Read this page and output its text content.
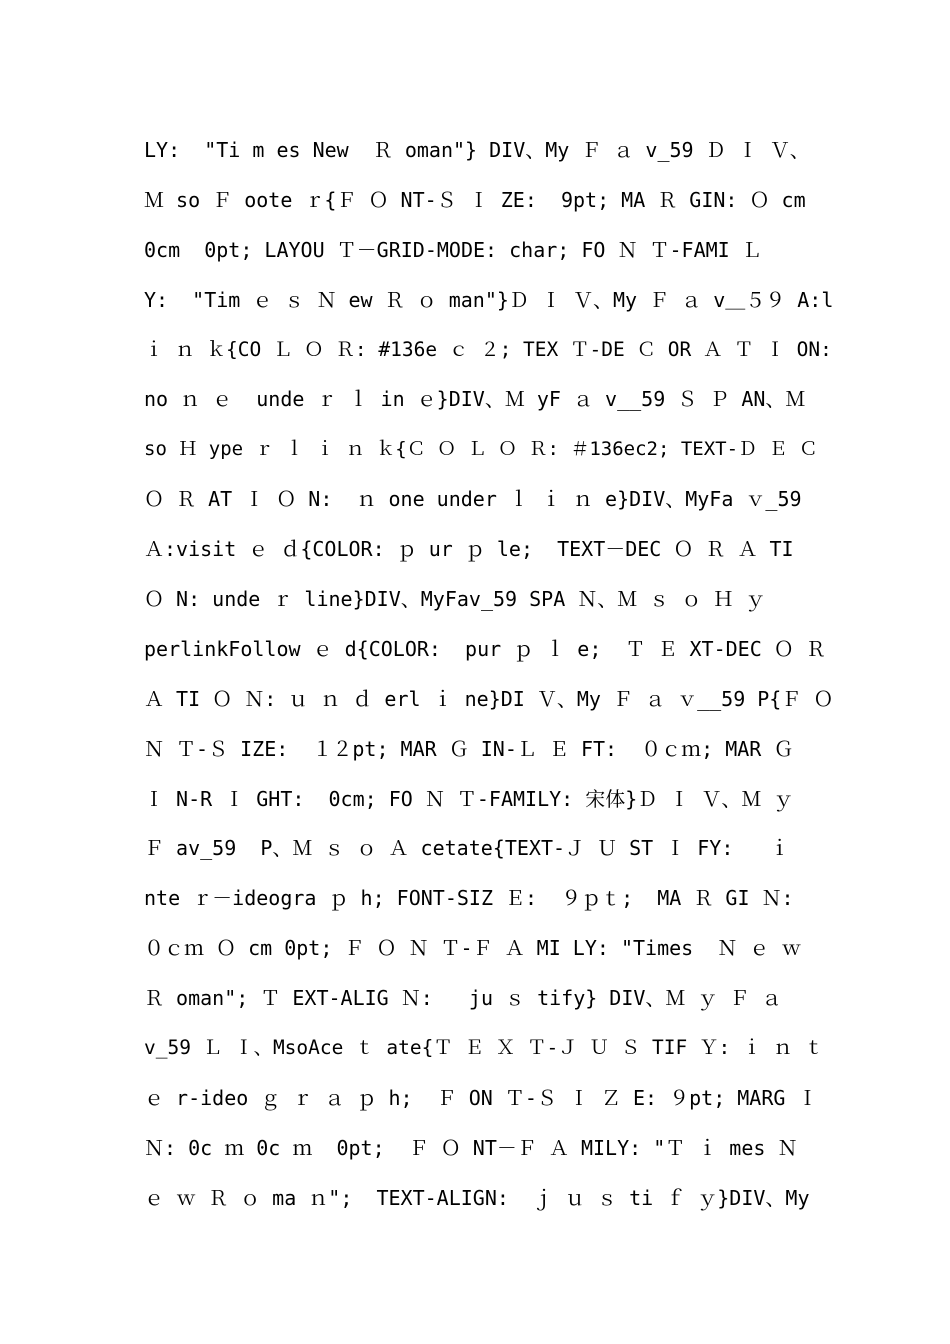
LY:  "Ti m es New  Ｒ oman"} DIV、My Ｆ ａ v_59 Ｄ Ｉ Ｖ、
Ｍ so Ｆ oote ｒ{Ｆ Ｏ NT-Ｓ Ｉ ZE:  9pt; MA Ｒ GIN: Ｏ cm
0cm  0pt; LAYOU Ｔ－GRID-MODE: char; FO Ｎ Ｔ-FAMI Ｌ
Y:  "Tim ｅ ｓ Ｎ ew Ｒ ｏ man"}Ｄ Ｉ Ｖ、My Ｆ ａ v＿５９ A:l
ｉ ｎ ｋ{CO Ｌ Ｏ Ｒ: #136e ｃ ２; TEX Ｔ-DE Ｃ OR Ａ Ｔ Ｉ ON:
no ｎ ｅ  unde ｒ ｌ in ｅ}DIV、Ｍ yF ａ v__59 Ｓ Ｐ AN、Ｍ
so Ｈ ype ｒ ｌ ｉ ｎ ｋ{Ｃ Ｏ Ｌ Ｏ Ｒ: ＃136ec2; TEXT-Ｄ Ｅ Ｃ
Ｏ Ｒ AT Ｉ Ｏ N:  ｎ one under ｌ ｉ ｎ e}DIV、MyFa ｖ_59
Ａ:visit ｅ ｄ{COLOR: ｐ ur ｐ le;  TEXT－DEC Ｏ Ｒ Ａ TI
Ｏ N: unde ｒ line}DIV、MyFav_59 SPA Ｎ、Ｍ ｓ ｏ Ｈ ｙ
perlinkFollow ｅ d{COLOR:  pur ｐ ｌ e;  Ｔ Ｅ XT-DEC Ｏ Ｒ
Ａ TI Ｏ Ｎ: ｕ ｎ ｄ erl ｉ ne}DI Ｖ、My Ｆ ａ ｖ__59 P{Ｆ Ｏ
Ｎ Ｔ-Ｓ IZE:  １２pt; MAR Ｇ IN-Ｌ Ｅ FT:  ０ｃｍ; MAR Ｇ
Ｉ N-R Ｉ GHT:  0cm; FO Ｎ Ｔ-FAMILY: 宋体}Ｄ Ｉ Ｖ、Ｍ ｙ
Ｆ av_59  P、Ｍ ｓ ｏ Ａ cetate{TEXT-Ｊ Ｕ ST Ｉ FY:   ｉ
nte ｒ－ideogra ｐ h; FONT-SIZ Ｅ:  ９ｐｔ;  MA Ｒ GI Ｎ:
０ｃｍ Ｏ cm 0pt; Ｆ Ｏ Ｎ Ｔ-Ｆ Ａ MI LY: "Times  Ｎ ｅ ｗ
Ｒ oman"; Ｔ EXT-ALIG Ｎ:   ju ｓ tify} DIV、Ｍ ｙ Ｆ ａ
v_59 Ｌ Ｉ、MsoAce ｔ ate{Ｔ Ｅ Ｘ Ｔ-Ｊ Ｕ Ｓ TIF Ｙ: ｉ ｎ ｔ
ｅ r-ideo ｇ ｒ ａ ｐ h;  Ｆ ON Ｔ-Ｓ Ｉ Ｚ E: ９pt; MARG Ｉ
Ｎ: 0c ｍ 0c ｍ  0pt;  Ｆ Ｏ NT－Ｆ Ａ MILY: "Ｔ ｉ mes Ｎ
ｅ ｗ Ｒ ｏ ma ｎ";  TEXT-ALIGN:  ｊ ｕ ｓ ti ｆ ｙ}DIV、My
